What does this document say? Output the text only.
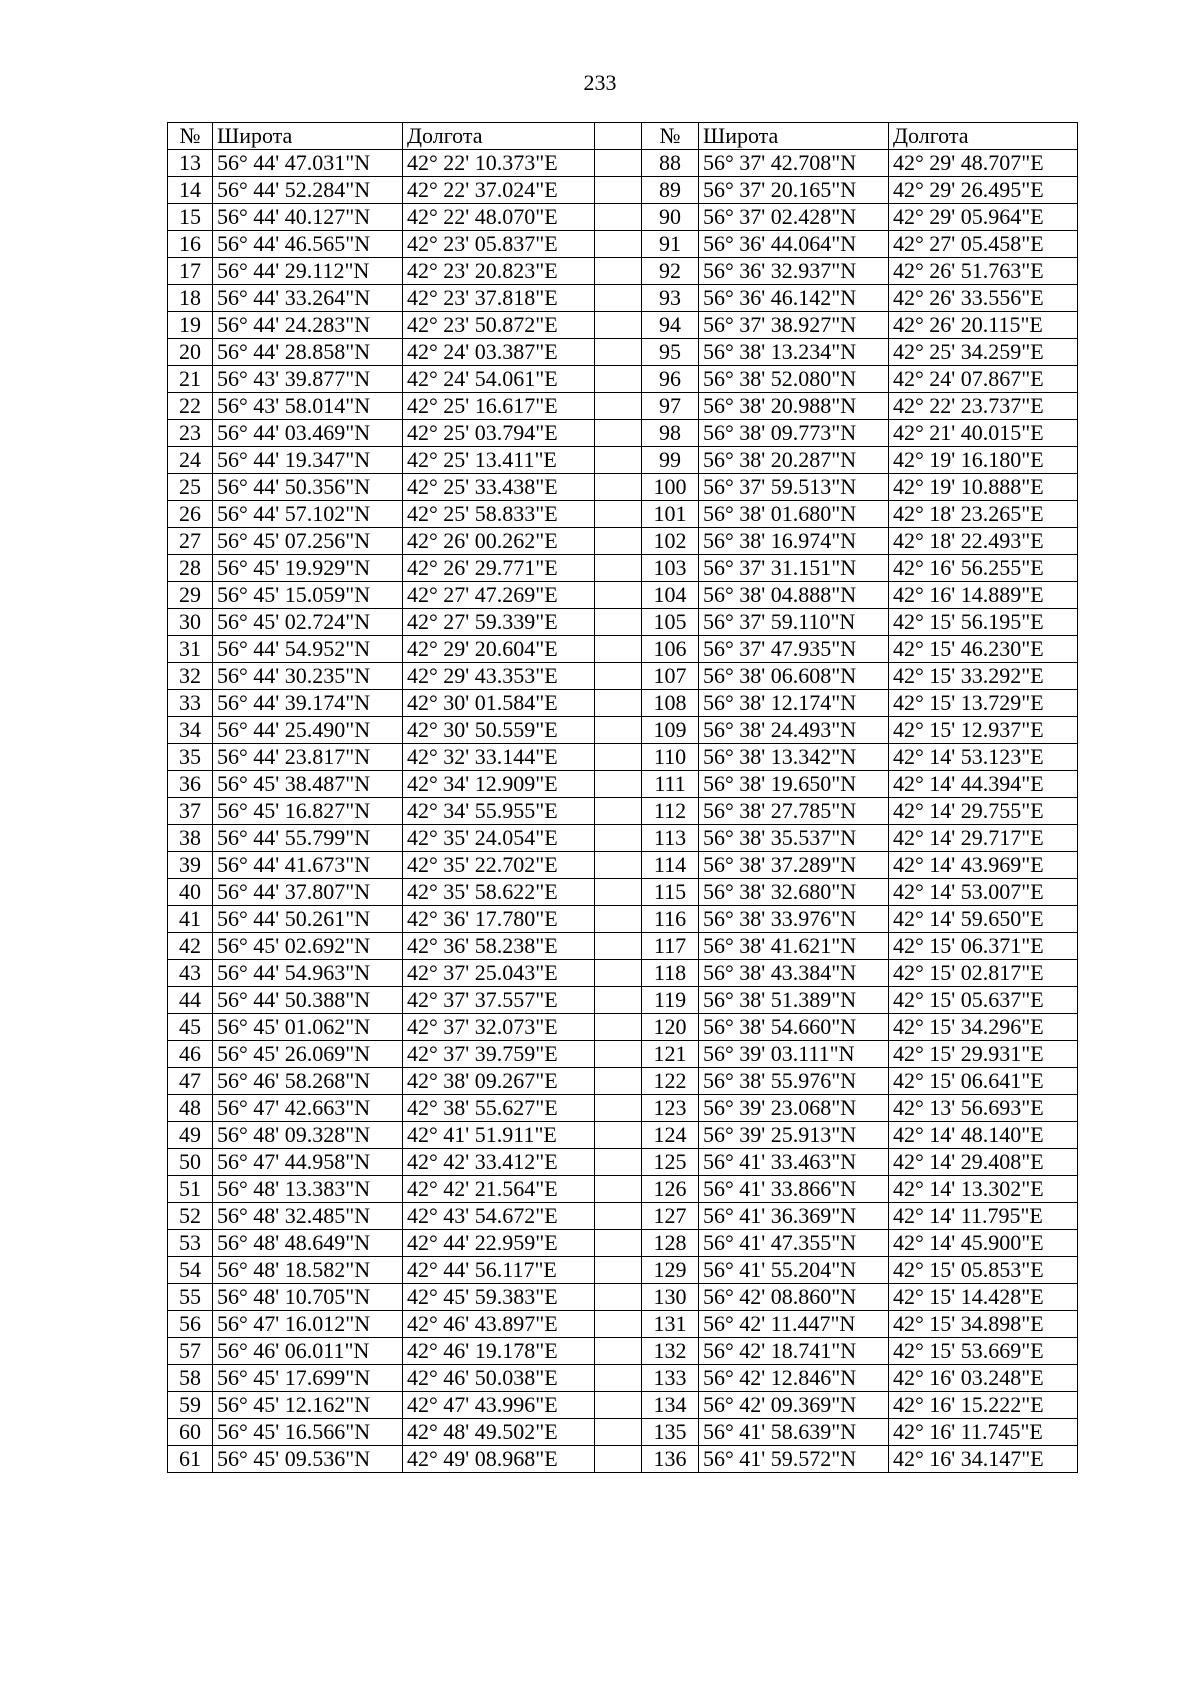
233
№	Широта	Долгота		№	Широта	Долгота
13	56° 44' 47.031"N	42° 22' 10.373"E		88	56° 37' 42.708"N	42° 29' 48.707"E
14	56° 44' 52.284"N	42° 22' 37.024"E		89	56° 37' 20.165"N	42° 29' 26.495"E
15	56° 44' 40.127"N	42° 22' 48.070"E		90	56° 37' 02.428"N	42° 29' 05.964"E
16	56° 44' 46.565"N	42° 23' 05.837"E		91	56° 36' 44.064"N	42° 27' 05.458"E
17	56° 44' 29.112"N	42° 23' 20.823"E		92	56° 36' 32.937"N	42° 26' 51.763"E
18	56° 44' 33.264"N	42° 23' 37.818"E		93	56° 36' 46.142"N	42° 26' 33.556"E
19	56° 44' 24.283"N	42° 23' 50.872"E		94	56° 37' 38.927"N	42° 26' 20.115"E
20	56° 44' 28.858"N	42° 24' 03.387"E		95	56° 38' 13.234"N	42° 25' 34.259"E
21	56° 43' 39.877"N	42° 24' 54.061"E		96	56° 38' 52.080"N	42° 24' 07.867"E
22	56° 43' 58.014"N	42° 25' 16.617"E		97	56° 38' 20.988"N	42° 22' 23.737"E
23	56° 44' 03.469"N	42° 25' 03.794"E		98	56° 38' 09.773"N	42° 21' 40.015"E
24	56° 44' 19.347"N	42° 25' 13.411"E		99	56° 38' 20.287"N	42° 19' 16.180"E
25	56° 44' 50.356"N	42° 25' 33.438"E		100	56° 37' 59.513"N	42° 19' 10.888"E
26	56° 44' 57.102"N	42° 25' 58.833"E		101	56° 38' 01.680"N	42° 18' 23.265"E
27	56° 45' 07.256"N	42° 26' 00.262"E		102	56° 38' 16.974"N	42° 18' 22.493"E
28	56° 45' 19.929"N	42° 26' 29.771"E		103	56° 37' 31.151"N	42° 16' 56.255"E
29	56° 45' 15.059"N	42° 27' 47.269"E		104	56° 38' 04.888"N	42° 16' 14.889"E
30	56° 45' 02.724"N	42° 27' 59.339"E		105	56° 37' 59.110"N	42° 15' 56.195"E
31	56° 44' 54.952"N	42° 29' 20.604"E		106	56° 37' 47.935"N	42° 15' 46.230"E
32	56° 44' 30.235"N	42° 29' 43.353"E		107	56° 38' 06.608"N	42° 15' 33.292"E
33	56° 44' 39.174"N	42° 30' 01.584"E		108	56° 38' 12.174"N	42° 15' 13.729"E
34	56° 44' 25.490"N	42° 30' 50.559"E		109	56° 38' 24.493"N	42° 15' 12.937"E
35	56° 44' 23.817"N	42° 32' 33.144"E		110	56° 38' 13.342"N	42° 14' 53.123"E
36	56° 45' 38.487"N	42° 34' 12.909"E		111	56° 38' 19.650"N	42° 14' 44.394"E
37	56° 45' 16.827"N	42° 34' 55.955"E		112	56° 38' 27.785"N	42° 14' 29.755"E
38	56° 44' 55.799"N	42° 35' 24.054"E		113	56° 38' 35.537"N	42° 14' 29.717"E
39	56° 44' 41.673"N	42° 35' 22.702"E		114	56° 38' 37.289"N	42° 14' 43.969"E
40	56° 44' 37.807"N	42° 35' 58.622"E		115	56° 38' 32.680"N	42° 14' 53.007"E
41	56° 44' 50.261"N	42° 36' 17.780"E		116	56° 38' 33.976"N	42° 14' 59.650"E
42	56° 45' 02.692"N	42° 36' 58.238"E		117	56° 38' 41.621"N	42° 15' 06.371"E
43	56° 44' 54.963"N	42° 37' 25.043"E		118	56° 38' 43.384"N	42° 15' 02.817"E
44	56° 44' 50.388"N	42° 37' 37.557"E		119	56° 38' 51.389"N	42° 15' 05.637"E
45	56° 45' 01.062"N	42° 37' 32.073"E		120	56° 38' 54.660"N	42° 15' 34.296"E
46	56° 45' 26.069"N	42° 37' 39.759"E		121	56° 39' 03.111"N	42° 15' 29.931"E
47	56° 46' 58.268"N	42° 38' 09.267"E		122	56° 38' 55.976"N	42° 15' 06.641"E
48	56° 47' 42.663"N	42° 38' 55.627"E		123	56° 39' 23.068"N	42° 13' 56.693"E
49	56° 48' 09.328"N	42° 41' 51.911"E		124	56° 39' 25.913"N	42° 14' 48.140"E
50	56° 47' 44.958"N	42° 42' 33.412"E		125	56° 41' 33.463"N	42° 14' 29.408"E
51	56° 48' 13.383"N	42° 42' 21.564"E		126	56° 41' 33.866"N	42° 14' 13.302"E
52	56° 48' 32.485"N	42° 43' 54.672"E		127	56° 41' 36.369"N	42° 14' 11.795"E
53	56° 48' 48.649"N	42° 44' 22.959"E		128	56° 41' 47.355"N	42° 14' 45.900"E
54	56° 48' 18.582"N	42° 44' 56.117"E		129	56° 41' 55.204"N	42° 15' 05.853"E
55	56° 48' 10.705"N	42° 45' 59.383"E		130	56° 42' 08.860"N	42° 15' 14.428"E
56	56° 47' 16.012"N	42° 46' 43.897"E		131	56° 42' 11.447"N	42° 15' 34.898"E
57	56° 46' 06.011"N	42° 46' 19.178"E		132	56° 42' 18.741"N	42° 15' 53.669"E
58	56° 45' 17.699"N	42° 46' 50.038"E		133	56° 42' 12.846"N	42° 16' 03.248"E
59	56° 45' 12.162"N	42° 47' 43.996"E		134	56° 42' 09.369"N	42° 16' 15.222"E
60	56° 45' 16.566"N	42° 48' 49.502"E		135	56° 41' 58.639"N	42° 16' 11.745"E
61	56° 45' 09.536"N	42° 49' 08.968"E		136	56° 41' 59.572"N	42° 16' 34.147"E
